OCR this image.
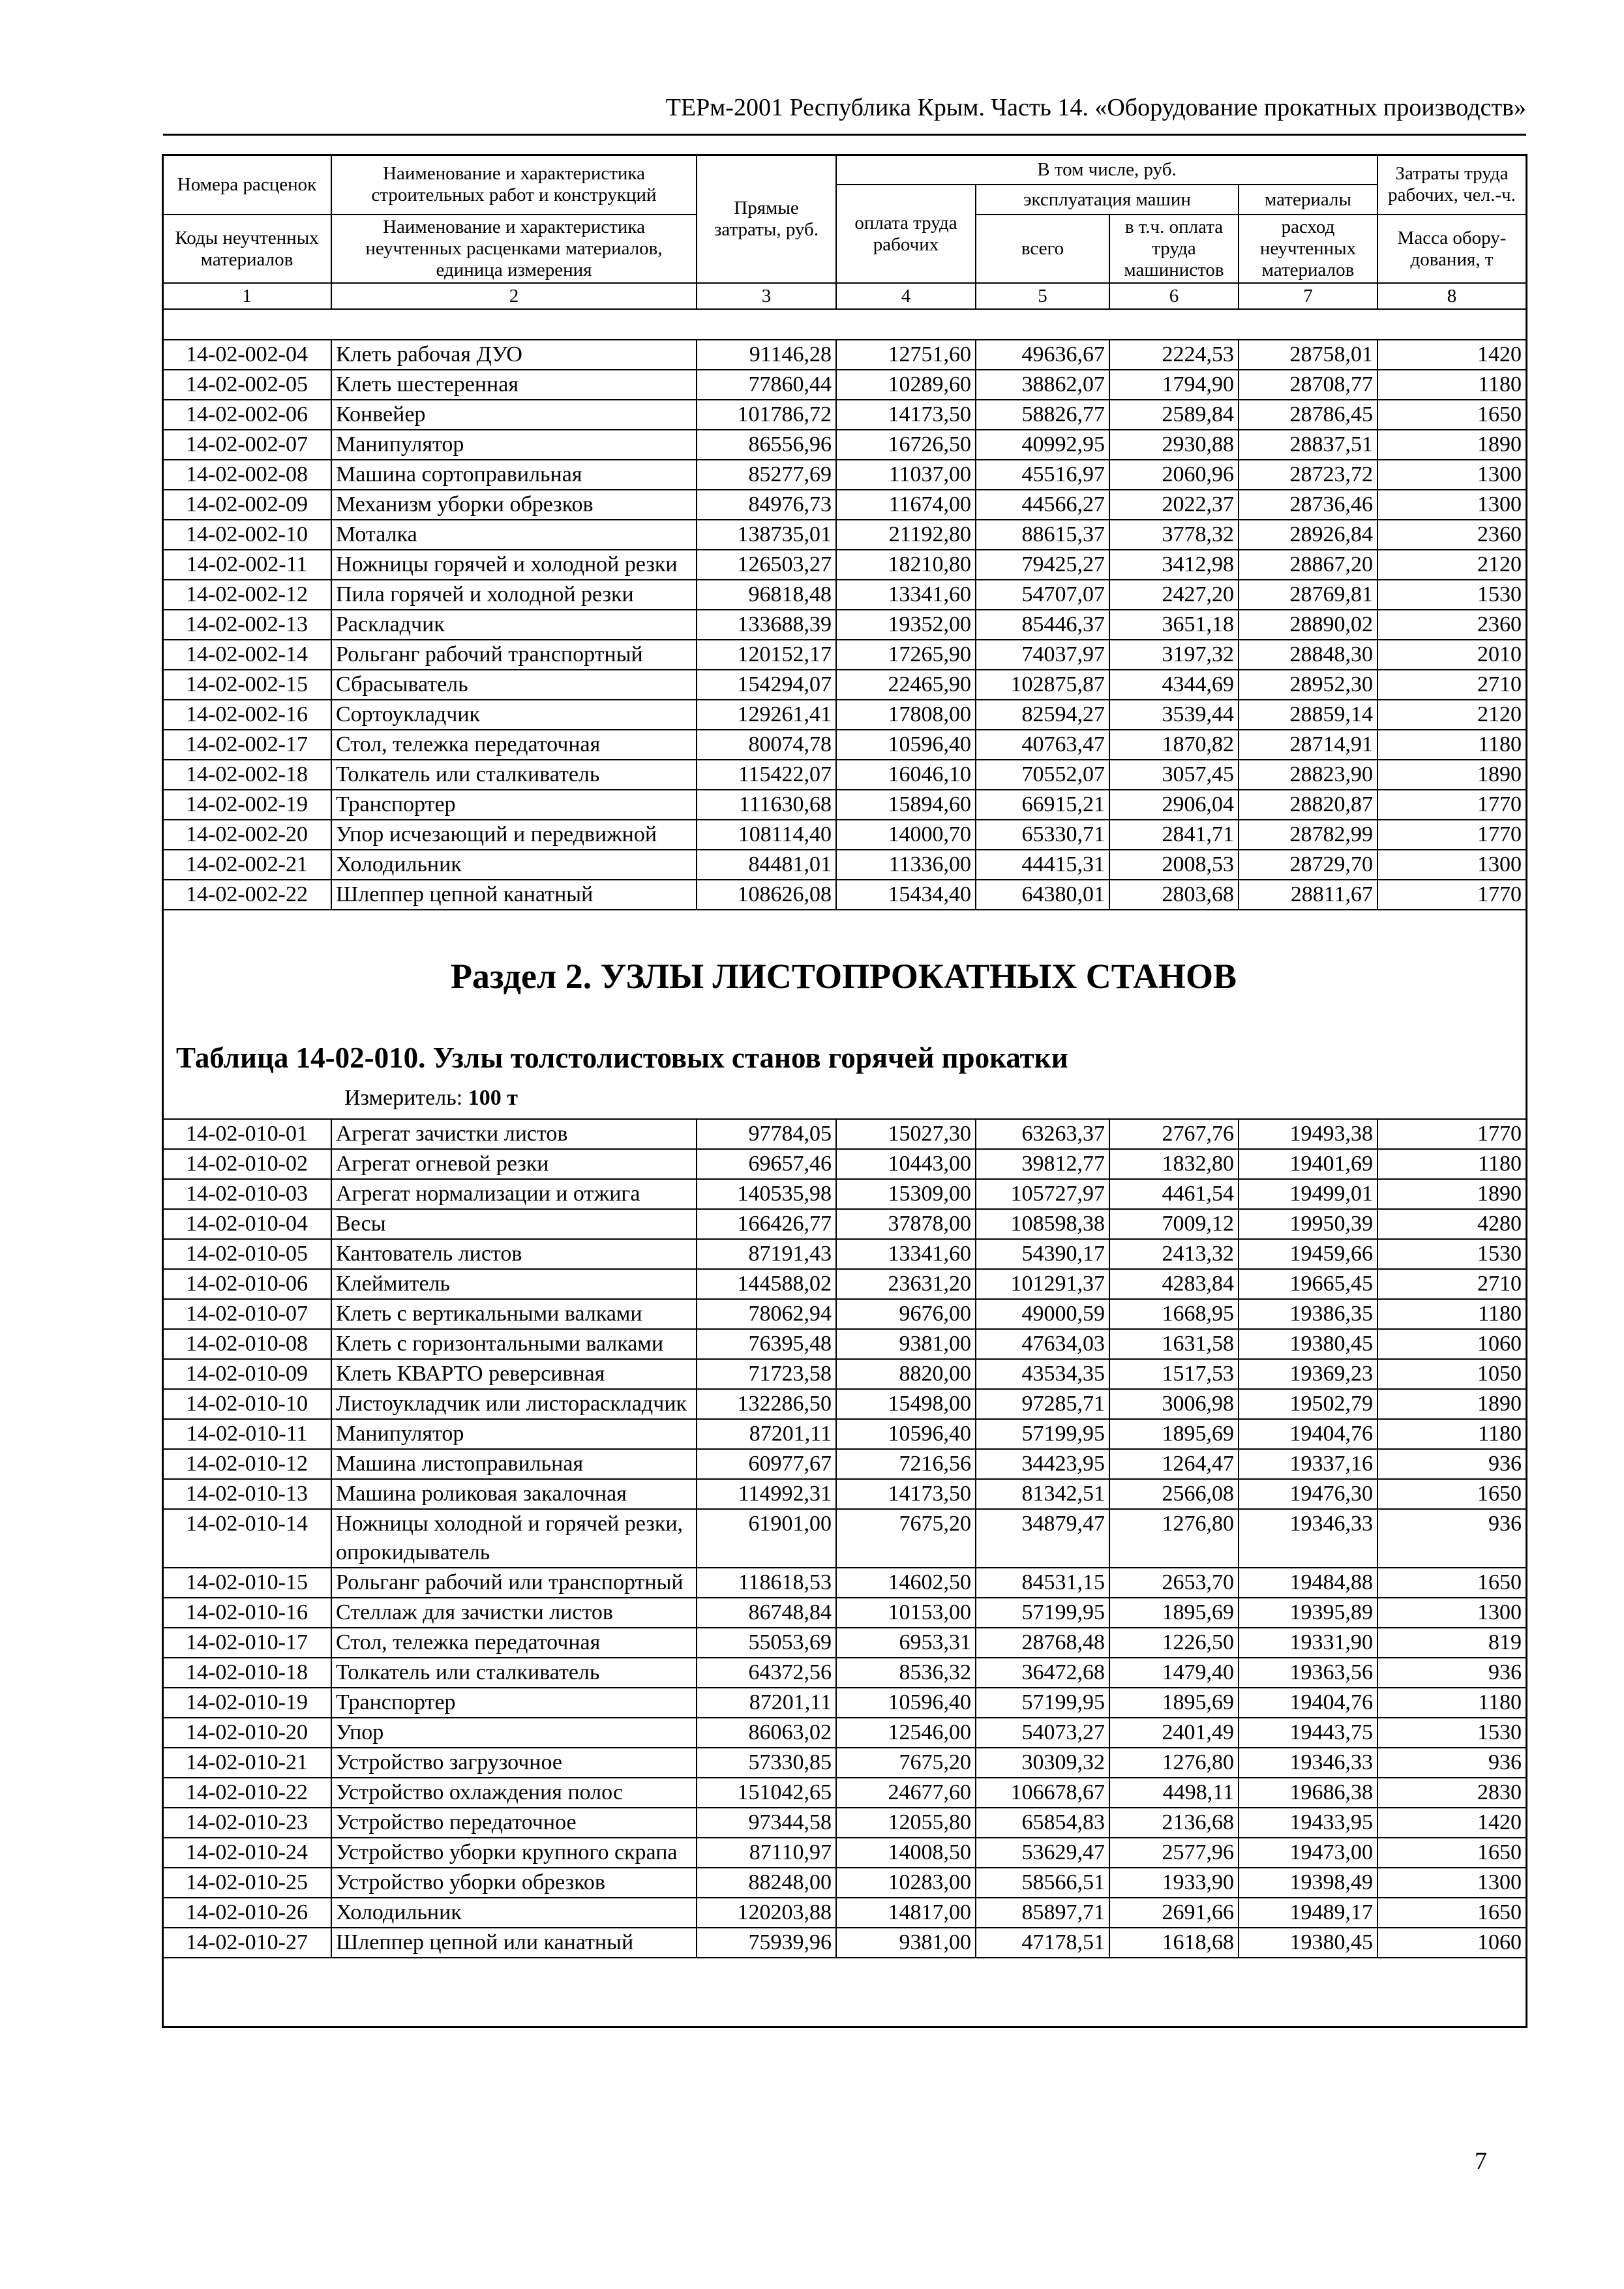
ТЕРм-2001 Республика Крым. Часть 14. «Оборудование прокатных производств»
Номера расценок	Наименование и характеристика строительных работ и конструкций	Прямые затраты, руб.	В том числе, руб.				Затраты труда рабочих, чел.-ч.
			оплата труда рабочих	эксплуатация машин		материалы	
Коды неучтенных материалов	Наименование и характеристика неучтенных расценками материалов, единица измерения			всего	в т.ч. оплата труда машинистов	расход неучтенных материалов	
							Масса обору-дования, т
1	2	3	4	5	6	7	8
14-02-002-04	Клеть рабочая ДУО	91146,28	12751,60	49636,67	2224,53	28758,01	1420
14-02-002-05	Клеть шестеренная	77860,44	10289,60	38862,07	1794,90	28708,77	1180
14-02-002-06	Конвейер	101786,72	14173,50	58826,77	2589,84	28786,45	1650
14-02-002-07	Манипулятор	86556,96	16726,50	40992,95	2930,88	28837,51	1890
14-02-002-08	Машина сортоправильная	85277,69	11037,00	45516,97	2060,96	28723,72	1300
14-02-002-09	Механизм уборки обрезков	84976,73	11674,00	44566,27	2022,37	28736,46	1300
14-02-002-10	Моталка	138735,01	21192,80	88615,37	3778,32	28926,84	2360
14-02-002-11	Ножницы горячей и холодной резки	126503,27	18210,80	79425,27	3412,98	28867,20	2120
14-02-002-12	Пила горячей и холодной резки	96818,48	13341,60	54707,07	2427,20	28769,81	1530
14-02-002-13	Раскладчик	133688,39	19352,00	85446,37	3651,18	28890,02	2360
14-02-002-14	Рольганг рабочий транспортный	120152,17	17265,90	74037,97	3197,32	28848,30	2010
14-02-002-15	Сбрасыватель	154294,07	22465,90	102875,87	4344,69	28952,30	2710
14-02-002-16	Сортоукладчик	129261,41	17808,00	82594,27	3539,44	28859,14	2120
14-02-002-17	Стол, тележка передаточная	80074,78	10596,40	40763,47	1870,82	28714,91	1180
14-02-002-18	Толкатель или сталкиватель	115422,07	16046,10	70552,07	3057,45	28823,90	1890
14-02-002-19	Транспортер	111630,68	15894,60	66915,21	2906,04	28820,87	1770
14-02-002-20	Упор исчезающий и передвижной	108114,40	14000,70	65330,71	2841,71	28782,99	1770
14-02-002-21	Холодильник	84481,01	11336,00	44415,31	2008,53	28729,70	1300
14-02-002-22	Шлеппер цепной канатный	108626,08	15434,40	64380,01	2803,68	28811,67	1770
Раздел 2. УЗЛЫ ЛИСТОПРОКАТНЫХ СТАНОВ
Таблица 14-02-010. Узлы толстолистовых станов горячей прокатки
Измеритель: 100 т
14-02-010-01	Агрегат зачистки листов	97784,05	15027,30	63263,37	2767,76	19493,38	1770
14-02-010-02	Агрегат огневой резки	69657,46	10443,00	39812,77	1832,80	19401,69	1180
14-02-010-03	Агрегат нормализации и отжига	140535,98	15309,00	105727,97	4461,54	19499,01	1890
14-02-010-04	Весы	166426,77	37878,00	108598,38	7009,12	19950,39	4280
14-02-010-05	Кантователь листов	87191,43	13341,60	54390,17	2413,32	19459,66	1530
14-02-010-06	Клеймитель	144588,02	23631,20	101291,37	4283,84	19665,45	2710
14-02-010-07	Клеть с вертикальными валками	78062,94	9676,00	49000,59	1668,95	19386,35	1180
14-02-010-08	Клеть с горизонтальными валками	76395,48	9381,00	47634,03	1631,58	19380,45	1060
14-02-010-09	Клеть КВАРТО реверсивная	71723,58	8820,00	43534,35	1517,53	19369,23	1050
14-02-010-10	Листоукладчик или листораскладчик	132286,50	15498,00	97285,71	3006,98	19502,79	1890
14-02-010-11	Манипулятор	87201,11	10596,40	57199,95	1895,69	19404,76	1180
14-02-010-12	Машина листоправильная	60977,67	7216,56	34423,95	1264,47	19337,16	936
14-02-010-13	Машина роликовая закалочная	114992,31	14173,50	81342,51	2566,08	19476,30	1650
14-02-010-14	Ножницы холодной и горячей резки, опрокидыватель	61901,00	7675,20	34879,47	1276,80	19346,33	936
14-02-010-15	Рольганг рабочий или транспортный	118618,53	14602,50	84531,15	2653,70	19484,88	1650
14-02-010-16	Стеллаж для зачистки листов	86748,84	10153,00	57199,95	1895,69	19395,89	1300
14-02-010-17	Стол, тележка передаточная	55053,69	6953,31	28768,48	1226,50	19331,90	819
14-02-010-18	Толкатель или сталкиватель	64372,56	8536,32	36472,68	1479,40	19363,56	936
14-02-010-19	Транспортер	87201,11	10596,40	57199,95	1895,69	19404,76	1180
14-02-010-20	Упор	86063,02	12546,00	54073,27	2401,49	19443,75	1530
14-02-010-21	Устройство загрузочное	57330,85	7675,20	30309,32	1276,80	19346,33	936
14-02-010-22	Устройство охлаждения полос	151042,65	24677,60	106678,67	4498,11	19686,38	2830
14-02-010-23	Устройство передаточное	97344,58	12055,80	65854,83	2136,68	19433,95	1420
14-02-010-24	Устройство уборки крупного скрапа	87110,97	14008,50	53629,47	2577,96	19473,00	1650
14-02-010-25	Устройство уборки обрезков	88248,00	10283,00	58566,51	1933,90	19398,49	1300
14-02-010-26	Холодильник	120203,88	14817,00	85897,71	2691,66	19489,17	1650
14-02-010-27	Шлеппер цепной или канатный	75939,96	9381,00	47178,51	1618,68	19380,45	1060
7
